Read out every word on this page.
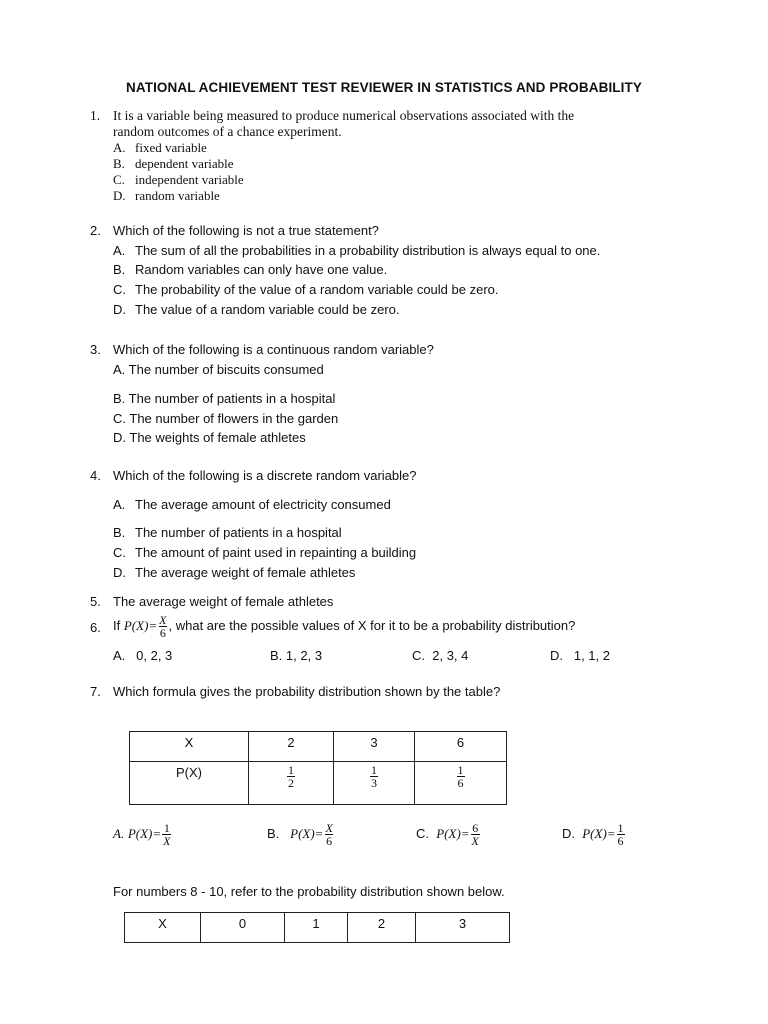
NATIONAL ACHIEVEMENT TEST REVIEWER IN STATISTICS AND PROBABILITY
1. It is a variable being measured to produce numerical observations associated with the
random outcomes of a chance experiment.
A. fixed variable
B. dependent variable
C. independent variable
D. random variable
2. Which of the following is not a true statement?
A. The sum of all the probabilities in a probability distribution is always equal to one.
B. Random variables can only have one value.
C. The probability of the value of a random variable could be zero.
D. The value of a random variable could be zero.
3. Which of the following is a continuous random variable?
A. The number of biscuits consumed
B. The number of patients in a hospital
C. The number of flowers in the garden
D. The weights of female athletes
4. Which of the following is a discrete random variable?
A. The average amount of electricity consumed
B. The number of patients in a hospital
C. The amount of paint used in repainting a building
D. The average weight of female athletes
5. The average weight of female athletes
6. If $P(X)= \frac{X}{6}$ , what are the possible values of X for it to be a probability distribution?
A. 0, 2, 3	B. 1, 2, 3	C. 2, 3, 4	D. 1, 1, 2
7. Which formula gives the probability distribution shown by the table?
X	2	3	6
P(X)	$\frac{1}{2}$	$\frac{1}{3}$	$\frac{1}{6}$
A. $P(X)= \frac{1}{X}$	B. $P(X)= \frac{X}{6}$	C. $P(X)= \frac{6}{X}$	D. $P(X)= \frac{1}{6}$
For numbers 8 - 10, refer to the probability distribution shown below.
X	0	1	2	3
